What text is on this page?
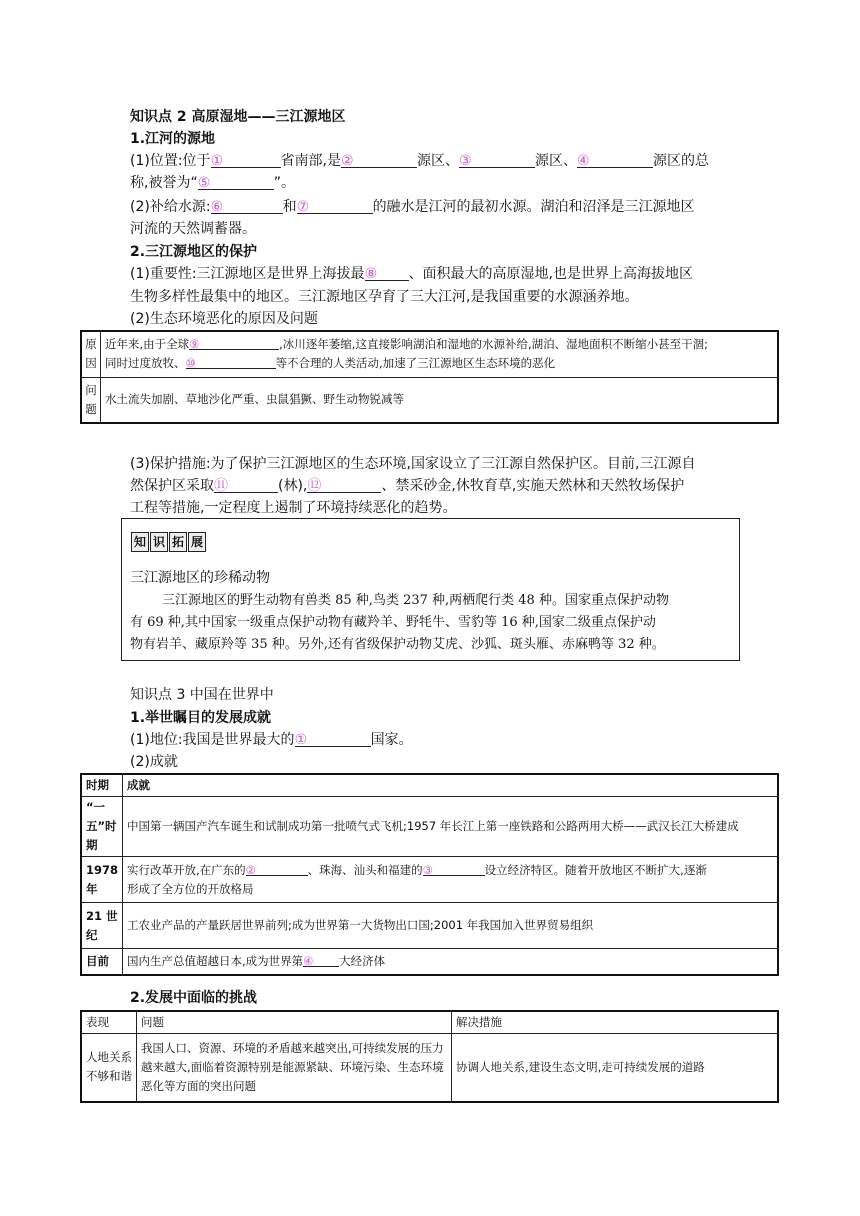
知识点 2 高原湿地——三江源地区
1.江河的源地
(1)位置:位于①	省南部,是②	源区、③	源区、④	源区的总
称,被誉为“⑤	”。
(2)补给水源:⑥	和⑦	的融水是江河的最初水源。湖泊和沼泽是三江源地区
河流的天然调蓄器。
2.三江源地区的保护
(1)重要性:三江源地区是世界上海拔最⑧ 、面积最大的高原湿地,也是世界上高海拔地区
生物多样性最集中的地区。三江源地区孕育了三大江河,是我国重要的水源涵养地。
(2)生态环境恶化的原因及问题
原因	近年来,由于全球⑨ ,冰川逐年萎缩,这直接影响湖泊和湿地的水源补给,湖泊、湿地面积不断缩小甚至干涸;
同时过度放牧、⑩ 等不合理的人类活动,加速了三江源地区生态环境的恶化
问题	水土流失加剧、草地沙化严重、虫鼠猖獗、野生动物锐减等
(3)保护措施:为了保护三江源地区的生态环境,国家设立了三江源自然保护区。目前,三江源自
然保护区采取⑪	(林),⑫	、禁采砂金,休牧育草,实施天然林和天然牧场保护
工程等措施,一定程度上遏制了环境持续恶化的趋势。
知 识 拓 展
三江源地区的珍稀动物
三江源地区的野生动物有兽类 85 种,鸟类 237 种,两栖爬行类 48 种。国家重点保护动物
有 69 种,其中国家一级重点保护动物有藏羚羊、野牦牛、雪豹等 16 种,国家二级重点保护动
物有岩羊、藏原羚等 35 种。另外,还有省级保护动物艾虎、沙狐、斑头雁、赤麻鸭等 32 种。
知识点 3 中国在世界中
1.举世瞩目的发展成就
(1)地位:我国是世界最大的①	国家。
(2)成就
时期	成就
“一五”时期	中国第一辆国产汽车诞生和试制成功第一批喷气式飞机;1957 年长江上第一座铁路和公路两用大桥——武汉长江大桥建成
1978 年	实行改革开放,在广东的② 、珠海、汕头和福建的③ 设立经济特区。随着开放地区不断扩大,逐渐
形成了全方位的开放格局
21 世纪	工农业产品的产量跃居世界前列;成为世界第一大货物出口国;2001 年我国加入世界贸易组织
目前	国内生产总值超越日本,成为世界第④ 大经济体
2.发展中面临的挑战
表现	问题	解决措施
人地关系不够和谐	我国人口、资源、环境的矛盾越来越突出,可持续发展的压力越来越大,面临着资源特别是能源紧缺、环境污染、生态环境恶化等方面的突出问题	协调人地关系,建设生态文明,走可持续发展的道路
